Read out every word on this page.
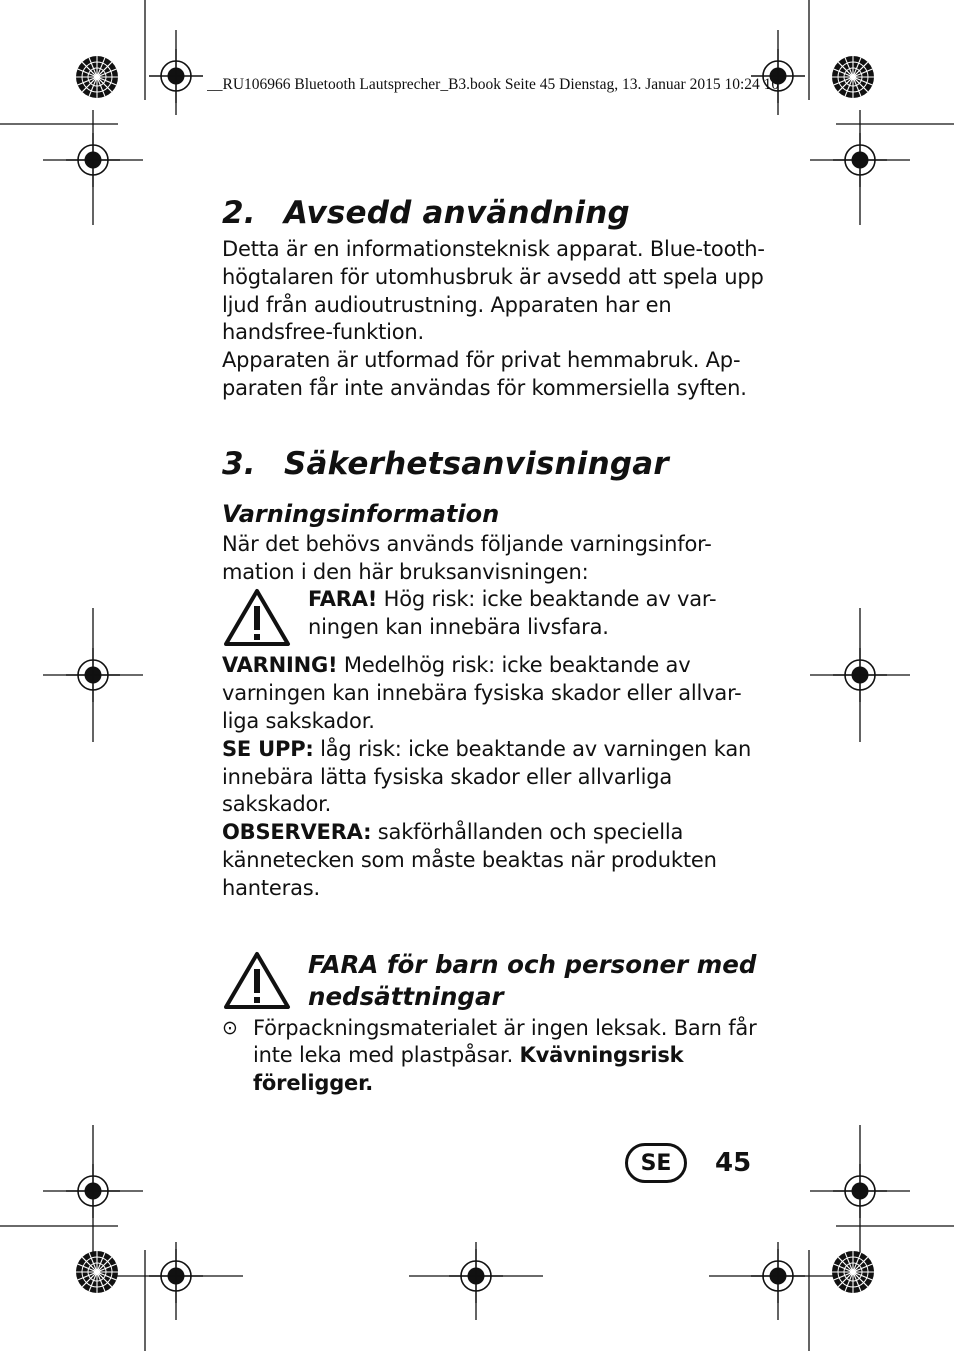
__RU106966 Bluetooth Lautsprecher_B3.book Seite 45 Dienstag, 13. Januar 2015 10:24 10
2. Avsedd användning

Detta är en informationsteknisk apparat. Blue-tooth-högtalaren för utomhusbruk är avsedd att spela upp ljud från audioutrustning. Apparaten har en handsfree-funktion.

Apparaten är utformad för privat hemmabruk. Ap-paraten får inte användas för kommersiella syften.

3. Säkerhetsanvisningar
Varningsinformation

När det behövs används följande varningsinfor-mation i den här bruksanvisningen:

FARA! Hög risk: icke beaktande av var-ningen kan innebära livsfara.

VARNING! Medelhög risk: icke beaktande av varningen kan innebära fysiska skador eller allvar-liga sakskador.

SE UPP: låg risk: icke beaktande av varningen kan innebära lätta fysiska skador eller allvarliga sakskador.

OBSERVERA: sakförhållanden och speciella kännetecken som måste beaktas när produkten hanteras.

FARA för barn och personer med nedsättningar
⊙ Förpackningsmaterialet är ingen leksak. Barn får inte leka med plastpåsar. Kvävningsrisk föreligger.

SE	45
